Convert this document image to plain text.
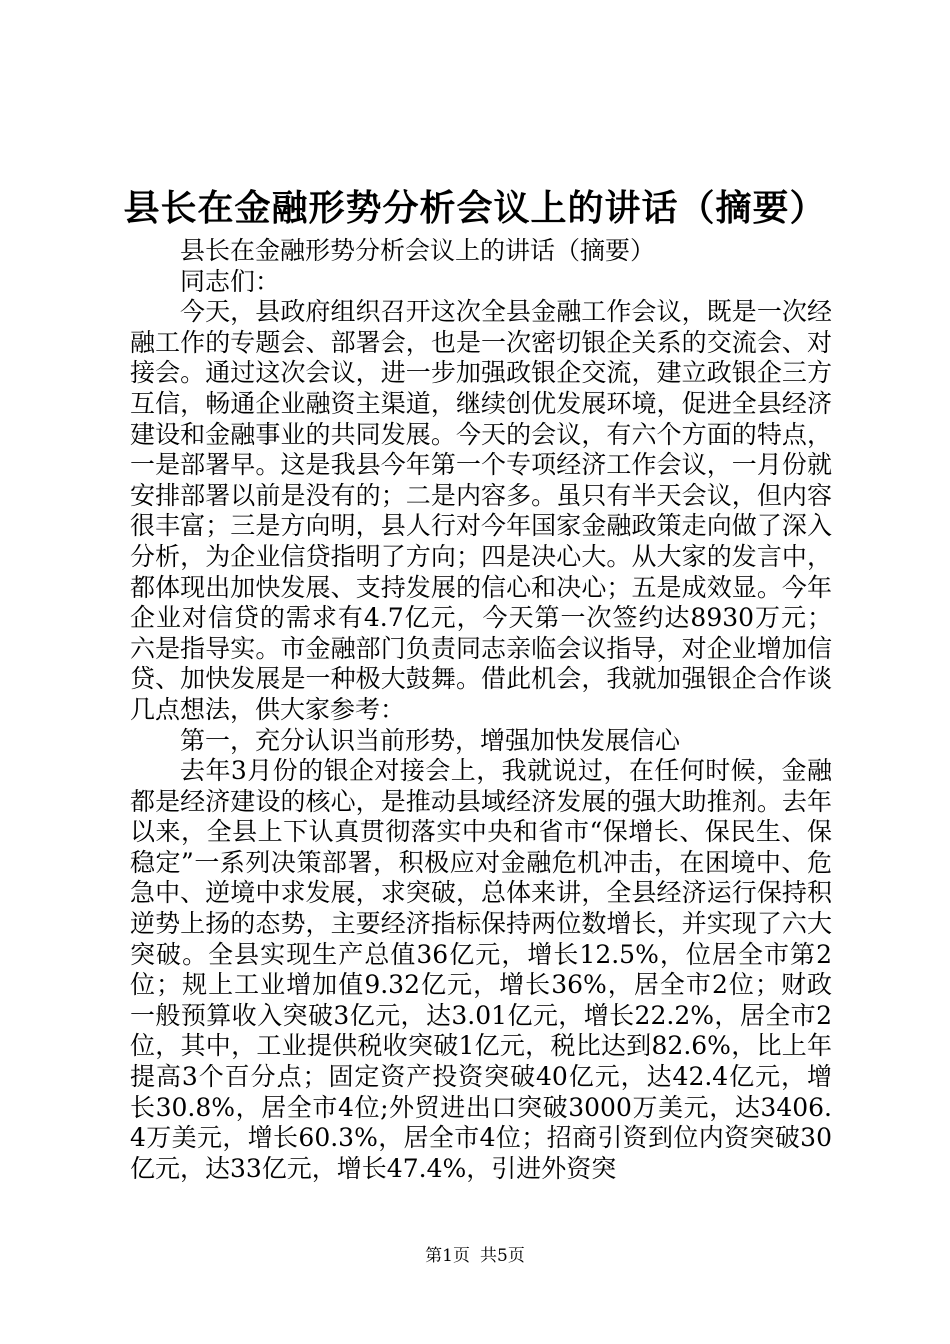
县长在金融形势分析会议上的讲话（摘要）

县长在金融形势分析会议上的讲话（摘要）

同志们：

今天，县政府组织召开这次全县金融工作会议，既是一次经融工作的专题会、部署会，也是一次密切银企关系的交流会、对接会。通过这次会议，进一步加强政银企交流，建立政银企三方互信，畅通企业融资主渠道，继续创优发展环境，促进全县经济建设和金融事业的共同发展。今天的会议，有六个方面的特点，一是部署早。这是我县今年第一个专项经济工作会议，一月份就安排部署以前是没有的；二是内容多。虽只有半天会议，但内容很丰富；三是方向明，县人行对今年国家金融政策走向做了深入分析，为企业信贷指明了方向；四是决心大。从大家的发言中，都体现出加快发展、支持发展的信心和决心；五是成效显。今年企业对信贷的需求有4.7亿元，今天第一次签约达8930万元；六是指导实。市金融部门负责同志亲临会议指导，对企业增加信贷、加快发展是一种极大鼓舞。借此机会，我就加强银企合作谈几点想法，供大家参考：

第一，充分认识当前形势，增强加快发展信心

去年3月份的银企对接会上，我就说过，在任何时候，金融都是经济建设的核心，是推动县域经济发展的强大助推剂。去年以来，全县上下认真贯彻落实中央和省市“保增长、保民生、保稳定”一系列决策部署，积极应对金融危机冲击，在困境中、危急中、逆境中求发展，求突破，总体来讲，全县经济运行保持积逆势上扬的态势，主要经济指标保持两位数增长，并实现了六大突破。全县实现生产总值36亿元，增长12.5%，位居全市第2位；规上工业增加值9.32亿元，增长36%，居全市2位；财政一般预算收入突破3亿元，达3.01亿元，增长22.2%，居全市2位，其中，工业提供税收突破1亿元，税比达到82.6%，比上年提高3个百分点；固定资产投资突破40亿元，达42.4亿元，增长30.8%，居全市4位;外贸进出口突破3000万美元，达3406.4万美元，增长60.3%，居全市4位；招商引资到位内资突破30亿元，达33亿元，增长47.4%，引进外资突

第1页 共5页
